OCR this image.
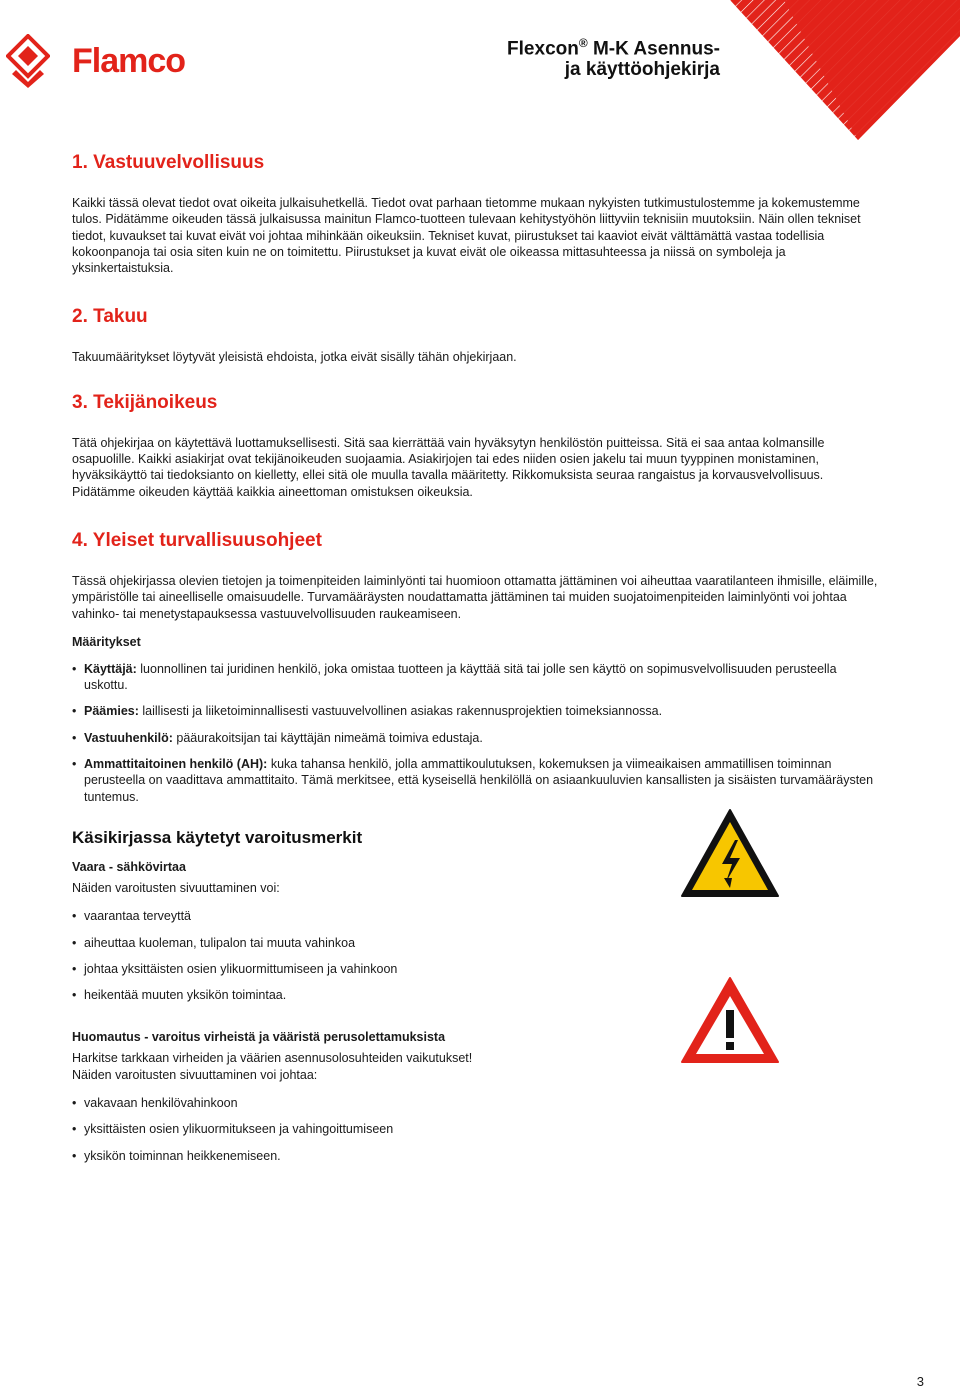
Flamco	Flexcon® M-K Asennus-
ja käyttöohjekirja
1. Vastuuvelvollisuus

Kaikki tässä olevat tiedot ovat oikeita julkaisuhetkellä. Tiedot ovat parhaan tietomme mukaan nykyisten tutkimustulostemme ja kokemustemme tulos. Pidätämme oikeuden tässä julkaisussa mainitun Flamco-tuotteen tulevaan kehitystyöhön liittyviin teknisiin muutoksiin. Näin ollen tekniset tiedot, kuvaukset tai kuvat eivät voi johtaa mihinkään oikeuksiin. Tekniset kuvat, piirustukset tai kaaviot eivät välttämättä vastaa todellisia kokoonpanoja tai osia siten kuin ne on toimitettu. Piirustukset ja kuvat eivät ole oikeassa mittasuhteessa ja niissä on symboleja ja yksinkertaistuksia.

2. Takuu

Takuumääritykset löytyvät yleisistä ehdoista, jotka eivät sisälly tähän ohjekirjaan.

3. Tekijänoikeus

Tätä ohjekirjaa on käytettävä luottamuksellisesti. Sitä saa kierrättää vain hyväksytyn henkilöstön puitteissa. Sitä ei saa antaa kolmansille osapuolille. Kaikki asiakirjat ovat tekijänoikeuden suojaamia. Asiakirjojen tai edes niiden osien jakelu tai muun tyyppinen monistaminen, hyväksikäyttö tai tiedoksianto on kielletty, ellei sitä ole muulla tavalla määritetty. Rikkomuksista seuraa rangaistus ja korvausvelvollisuus. Pidätämme oikeuden käyttää kaikkia aineettoman omistuksen oikeuksia.

4. Yleiset turvallisuusohjeet

Tässä ohjekirjassa olevien tietojen ja toimenpiteiden laiminlyönti tai huomioon ottamatta jättäminen voi aiheuttaa vaaratilanteen ihmisille, eläimille, ympäristölle tai aineelliselle omaisuudelle. Turvamääräysten noudattamatta jättäminen tai muiden suojatoimenpiteiden laiminlyönti voi johtaa vahinko- tai menetystapauksessa vastuuvelvollisuuden raukeamiseen.

Määritykset
• Käyttäjä: luonnollinen tai juridinen henkilö, joka omistaa tuotteen ja käyttää sitä tai jolle sen käyttö on sopimusvelvollisuuden perusteella uskottu.
• Päämies: laillisesti ja liiketoiminnallisesti vastuuvelvollinen asiakas rakennusprojektien toimeksiannossa.
• Vastuuhenkilö: pääurakoitsijan tai käyttäjän nimeämä toimiva edustaja.
• Ammattitaitoinen henkilö (AH): kuka tahansa henkilö, jolla ammattikoulutuksen, kokemuksen ja viimeaikaisen ammatillisen toiminnan perusteella on vaadittava ammattitaito. Tämä merkitsee, että kyseisellä henkilöllä on asiaankuuluvien kansallisten ja sisäisten turvamääräysten tuntemus.
Käsikirjassa käytetyt varoitusmerkit
Vaara - sähkövirtaa

Näiden varoitusten sivuuttaminen voi:

• vaarantaa terveyttä
• aiheuttaa kuoleman, tulipalon tai muuta vahinkoa
• johtaa yksittäisten osien ylikuormittumiseen ja vahinkoon
• heikentää muuten yksikön toimintaa.
Huomautus - varoitus virheistä ja vääristä perusolettamuksista

Harkitse tarkkaan virheiden ja väärien asennusolosuhteiden vaikutukset!

Näiden varoitusten sivuuttaminen voi johtaa:

• vakavaan henkilövahinkoon
• yksittäisten osien ylikuormitukseen ja vahingoittumiseen
• yksikön toiminnan heikkenemiseen.
3
